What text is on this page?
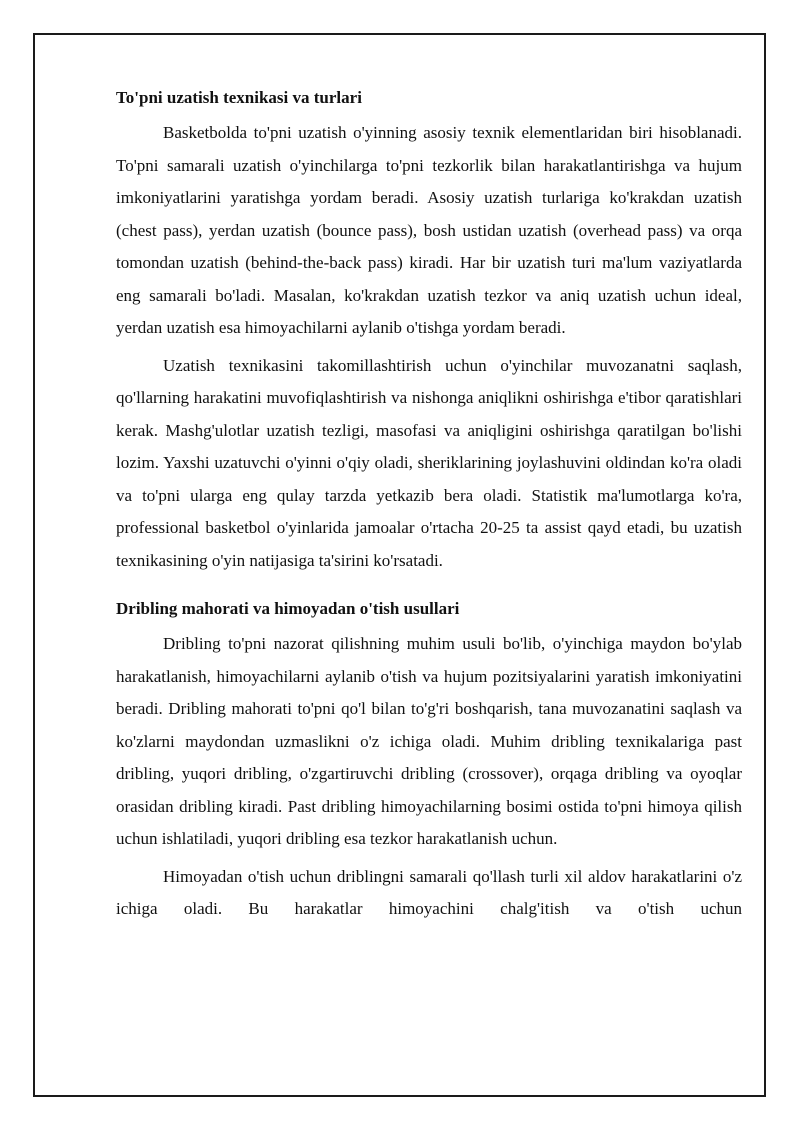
To'pni uzatish texnikasi va turlari

Basketbolda to'pni uzatish o'yinning asosiy texnik elementlaridan biri hisoblanadi. To'pni samarali uzatish o'yinchilarga to'pni tezkorlik bilan harakatlantirishga va hujum imkoniyatlarini yaratishga yordam beradi. Asosiy uzatish turlariga ko'krakdan uzatish (chest pass), yerdan uzatish (bounce pass), bosh ustidan uzatish (overhead pass) va orqa tomondan uzatish (behind-the-back pass) kiradi. Har bir uzatish turi ma'lum vaziyatlarda eng samarali bo'ladi. Masalan, ko'krakdan uzatish tezkor va aniq uzatish uchun ideal, yerdan uzatish esa himoyachilarni aylanib o'tishga yordam beradi.

Uzatish texnikasini takomillashtirish uchun o'yinchilar muvozanatni saqlash, qo'llarning harakatini muvofiqlashtirish va nishonga aniqlikni oshirishga e'tibor qaratishlari kerak. Mashg'ulotlar uzatish tezligi, masofasi va aniqligini oshirishga qaratilgan bo'lishi lozim. Yaxshi uzatuvchi o'yinni o'qiy oladi, sheriklarining joylashuvini oldindan ko'ra oladi va to'pni ularga eng qulay tarzda yetkazib bera oladi. Statistik ma'lumotlarga ko'ra, professional basketbol o'yinlarida jamoalar o'rtacha 20-25 ta assist qayd etadi, bu uzatish texnikasining o'yin natijasiga ta'sirini ko'rsatadi.

Dribling mahorati va himoyadan o'tish usullari

Dribling to'pni nazorat qilishning muhim usuli bo'lib, o'yinchiga maydon bo'ylab harakatlanish, himoyachilarni aylanib o'tish va hujum pozitsiyalarini yaratish imkoniyatini beradi. Dribling mahorati to'pni qo'l bilan to'g'ri boshqarish, tana muvozanatini saqlash va ko'zlarni maydondan uzmaslikni o'z ichiga oladi. Muhim dribling texnikalariga past dribling, yuqori dribling, o'zgartiruvchi dribling (crossover), orqaga dribling va oyoqlar orasidan dribling kiradi. Past dribling himoyachilarning bosimi ostida to'pni himoya qilish uchun ishlatiladi, yuqori dribling esa tezkor harakatlanish uchun.

Himoyadan o'tish uchun driblingni samarali qo'llash turli xil aldov harakatlarini o'z ichiga oladi. Bu harakatlar himoyachini chalg'itish va o'tish uchun
